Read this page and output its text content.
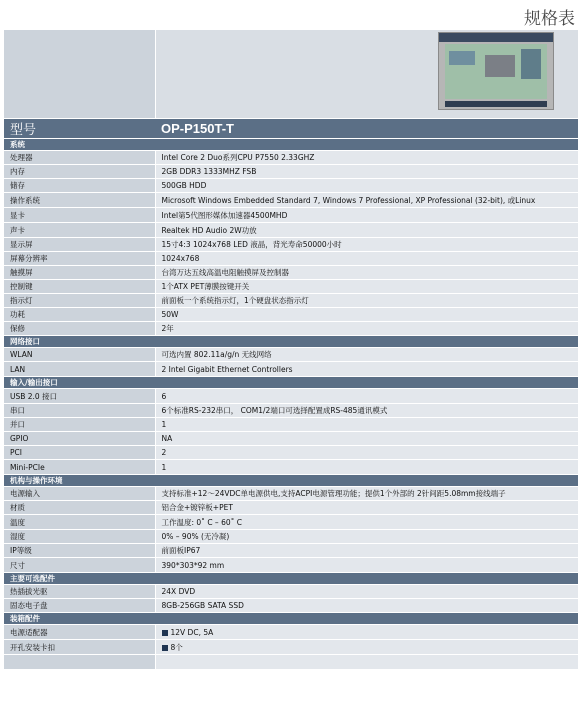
规格表

型号	OP-P150T-T
系统	
处理器	Intel Core 2 Duo系列CPU P7550 2.33GHZ
内存	2GB DDR3 1333MHZ FSB
储存	500GB HDD
操作系统	Microsoft Windows Embedded Standard 7, Windows 7 Professional, XP Professional (32-bit), 或Linux
显卡	Intel第5代图形媒体加速器4500MHD
声卡	Realtek HD Audio 2W功放
显示屏	15寸4:3 1024x768 LED 液晶，背光寿命50000小时
屏幕分辨率	1024x768
触摸屏	台湾万达五线高温电阻触摸屏及控制器
控制键	1个ATX PET薄膜按键开关
指示灯	前面板一个系统指示灯，1个硬盘状态指示灯
功耗	50W
保修	2年
网络接口	
WLAN	可选内置 802.11a/g/n 无线网络
LAN	2 Intel Gigabit Ethernet Controllers
输入/输出接口	
USB 2.0 接口	6
串口	6个标准RS-232串口， COM1/2端口可选择配置成RS-485通讯模式
并口	1
GPIO	NA
PCI	2
Mini-PCIe	1
机构与操作环境	
电源输入	支持标准+12～24VDC单电源供电,支持ACPI电源管理功能；提供1个外部的 2针间距5.08mm接线端子
材质	铝合金+镀锌板+PET
温度	工作温度: 0˚ C – 60˚ C
湿度	0% – 90% (无冷凝)
IP等级	前面板IP67
尺寸	390*303*92 mm
主要可选配件	
热插拔光驱	24X DVD
固态电子盘	8GB-256GB SATA SSD
装箱配件	
电源适配器	12V DC, 5A
开孔安装卡扣	8个
